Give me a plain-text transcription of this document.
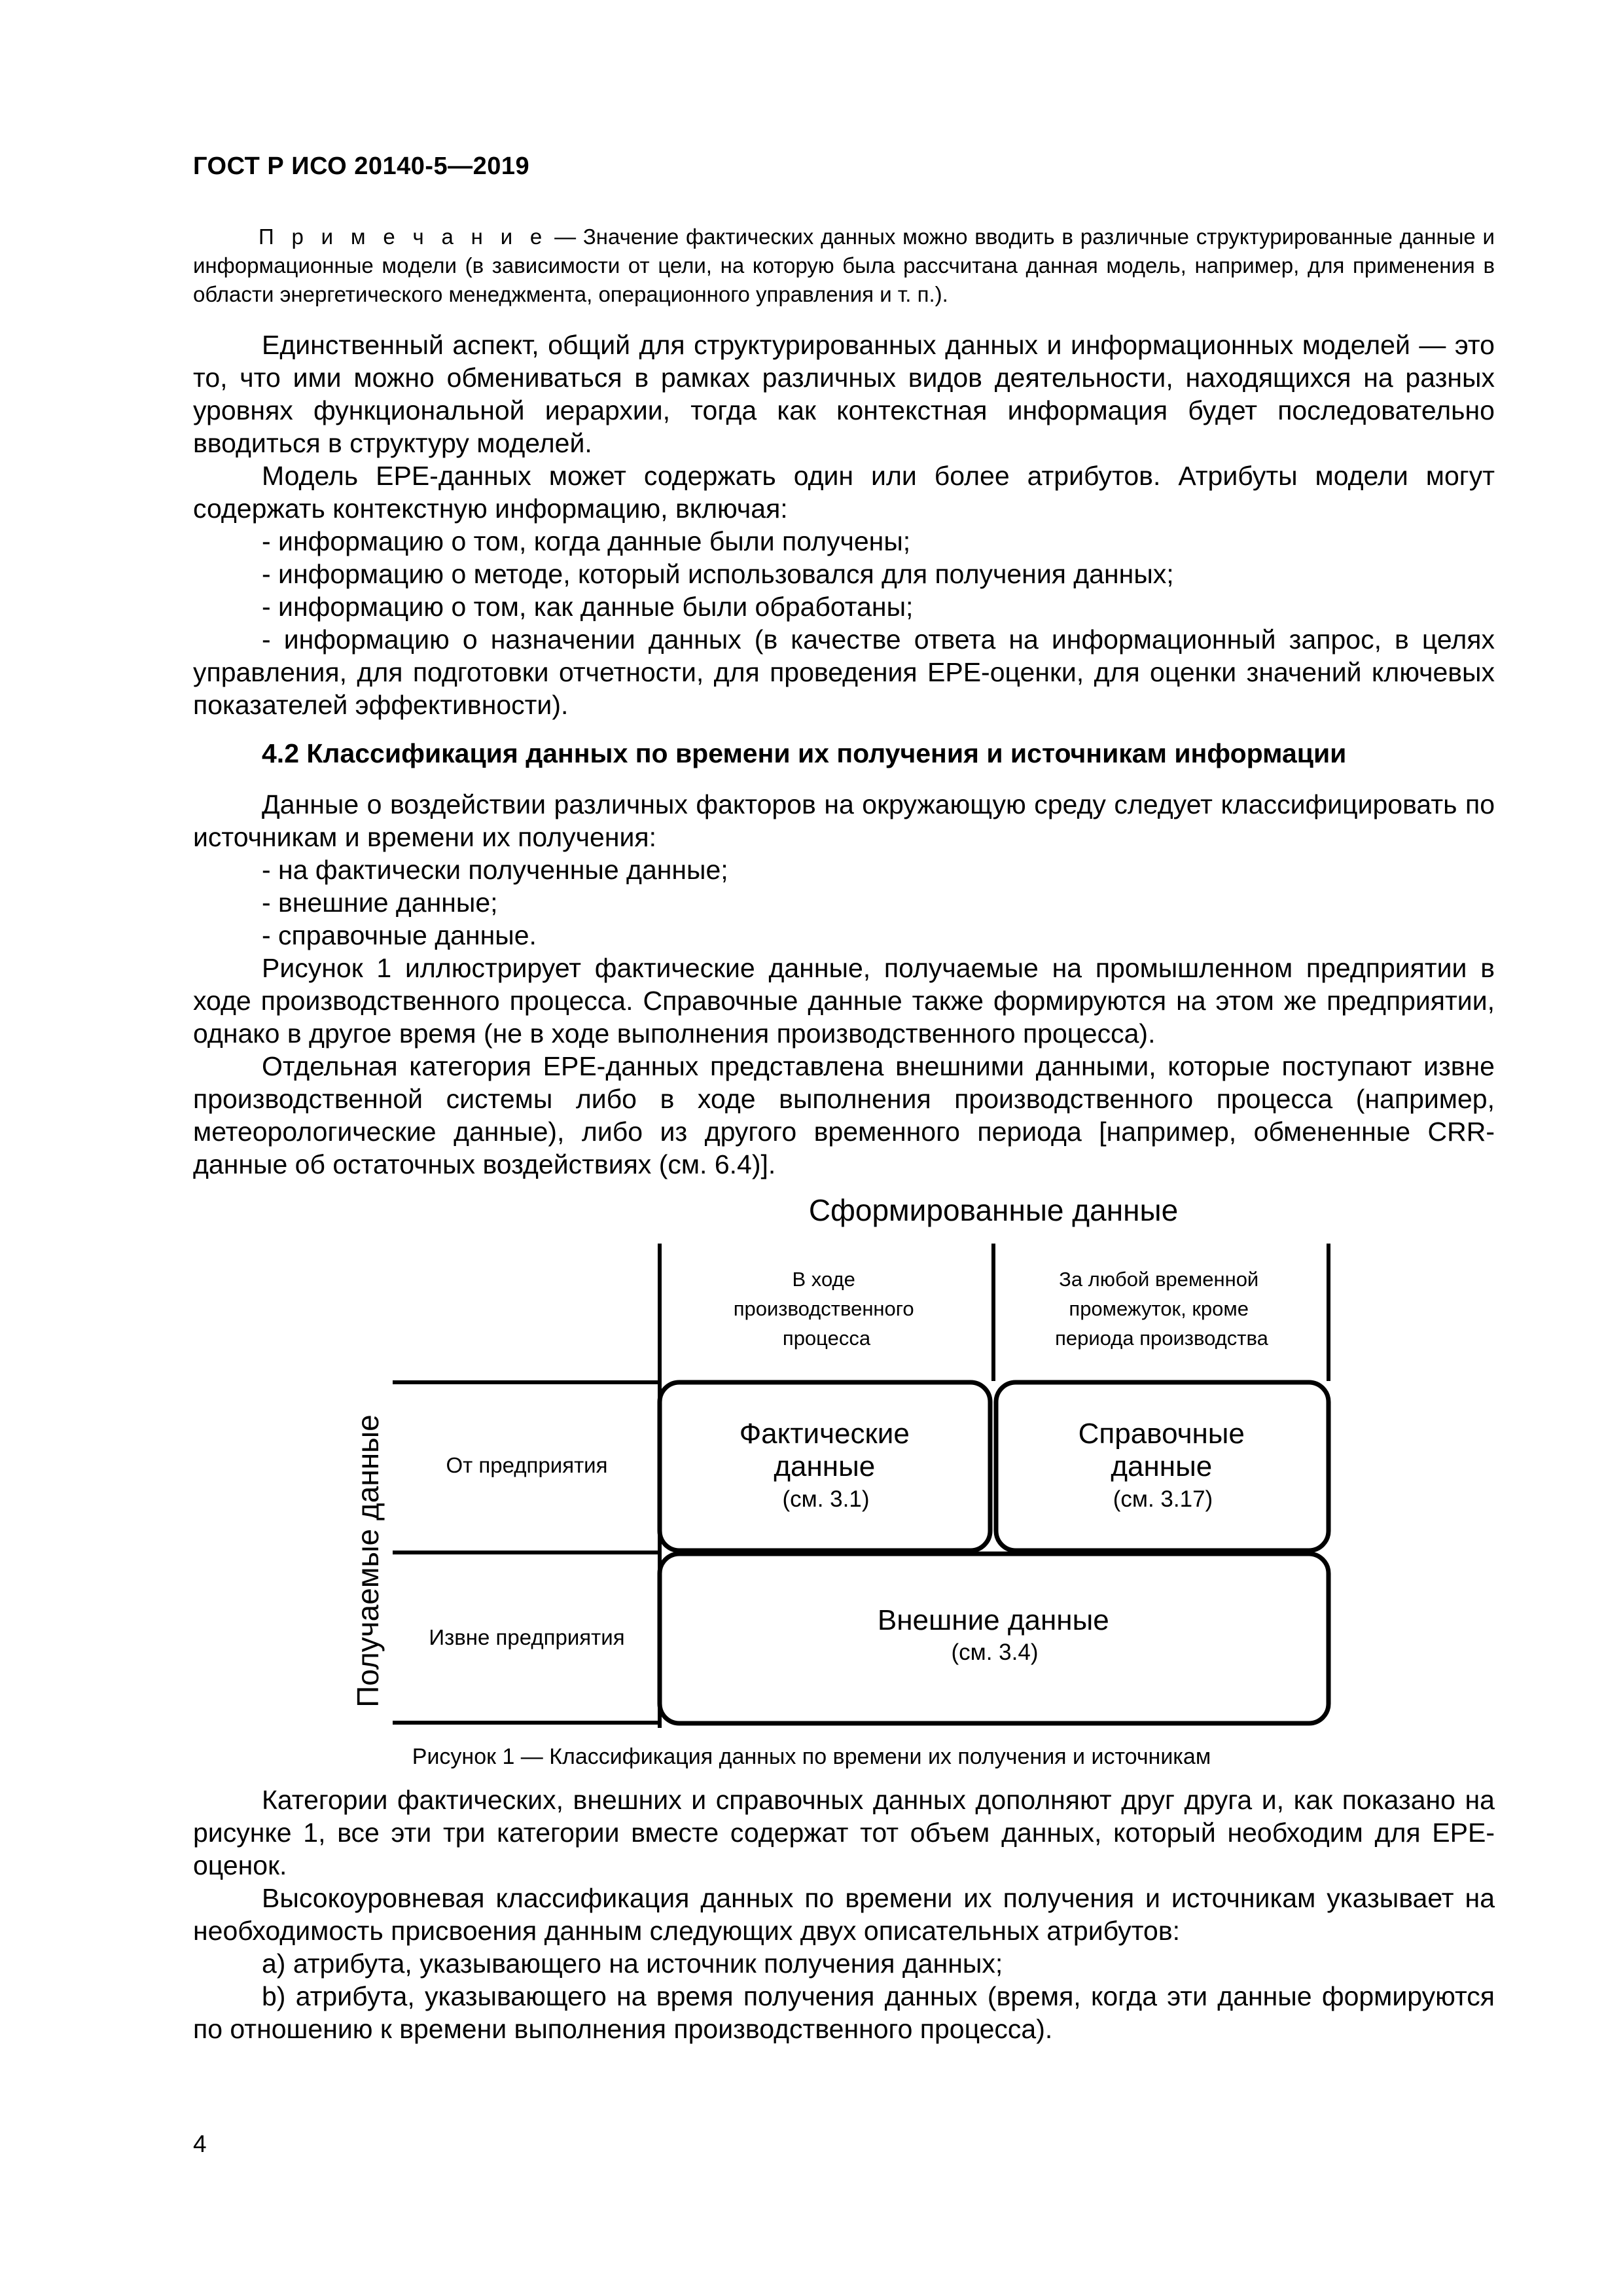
ГОСТ Р ИСО 20140-5—2019

П р и м е ч а н и е — Значение фактических данных можно вводить в различные структурированные данные и информационные модели (в зависимости от цели, на которую была рассчитана данная модель, например, для применения в области энергетического менеджмента, операционного управления и т. п.).

Единственный аспект, общий для структурированных данных и информационных моделей — это то, что ими можно обмениваться в рамках различных видов деятельности, находящихся на разных уровнях функциональной иерархии, тогда как контекстная информация будет последовательно вводиться в структуру моделей.

Модель EPE-данных может содержать один или более атрибутов. Атрибуты модели могут содержать контекстную информацию, включая:

- информацию о том, когда данные были получены;

- информацию о методе, который использовался для получения данных;

- информацию о том, как данные были обработаны;

- информацию о назначении данных (в качестве ответа на информационный запрос, в целях управления, для подготовки отчетности, для проведения EPE-оценки, для оценки значений ключевых показателей эффективности).

4.2 Классификация данных по времени их получения и источникам информации

Данные о воздействии различных факторов на окружающую среду следует классифицировать по источникам и времени их получения:

- на фактически полученные данные;

- внешние данные;

- справочные данные.

Рисунок 1 иллюстрирует фактические данные, получаемые на промышленном предприятии в ходе производственного процесса. Справочные данные также формируются на этом же предприятии, однако в другое время (не в ходе выполнения производственного процесса).

Отдельная категория EPE-данных представлена внешними данными, которые поступают извне производственной системы либо в ходе выполнения производственного процесса (например, метеорологические данные), либо из другого временного периода [например, обмененные CRR-данные об остаточных воздействиях (см. 6.4)].

Сформированные данные
В ходе производственного процесса
За любой временной промежуток, кроме периода производства
Получаемые данные	От предприятия
Извне предприятия
Фактические данные (см. 3.1)
Справочные данные (см. 3.17)
Внешние данные (см. 3.4)
Рисунок 1 — Классификация данных по времени их получения и источникам

Категории фактических, внешних и справочных данных дополняют друг друга и, как показано на рисунке 1, все эти три категории вместе содержат тот объем данных, который необходим для EPE-оценок.

Высокоуровневая классификация данных по времени их получения и источникам указывает на необходимость присвоения данным следующих двух описательных атрибутов:

a) атрибута, указывающего на источник получения данных;

b) атрибута, указывающего на время получения данных (время, когда эти данные формируются по отношению к времени выполнения производственного процесса).

4
